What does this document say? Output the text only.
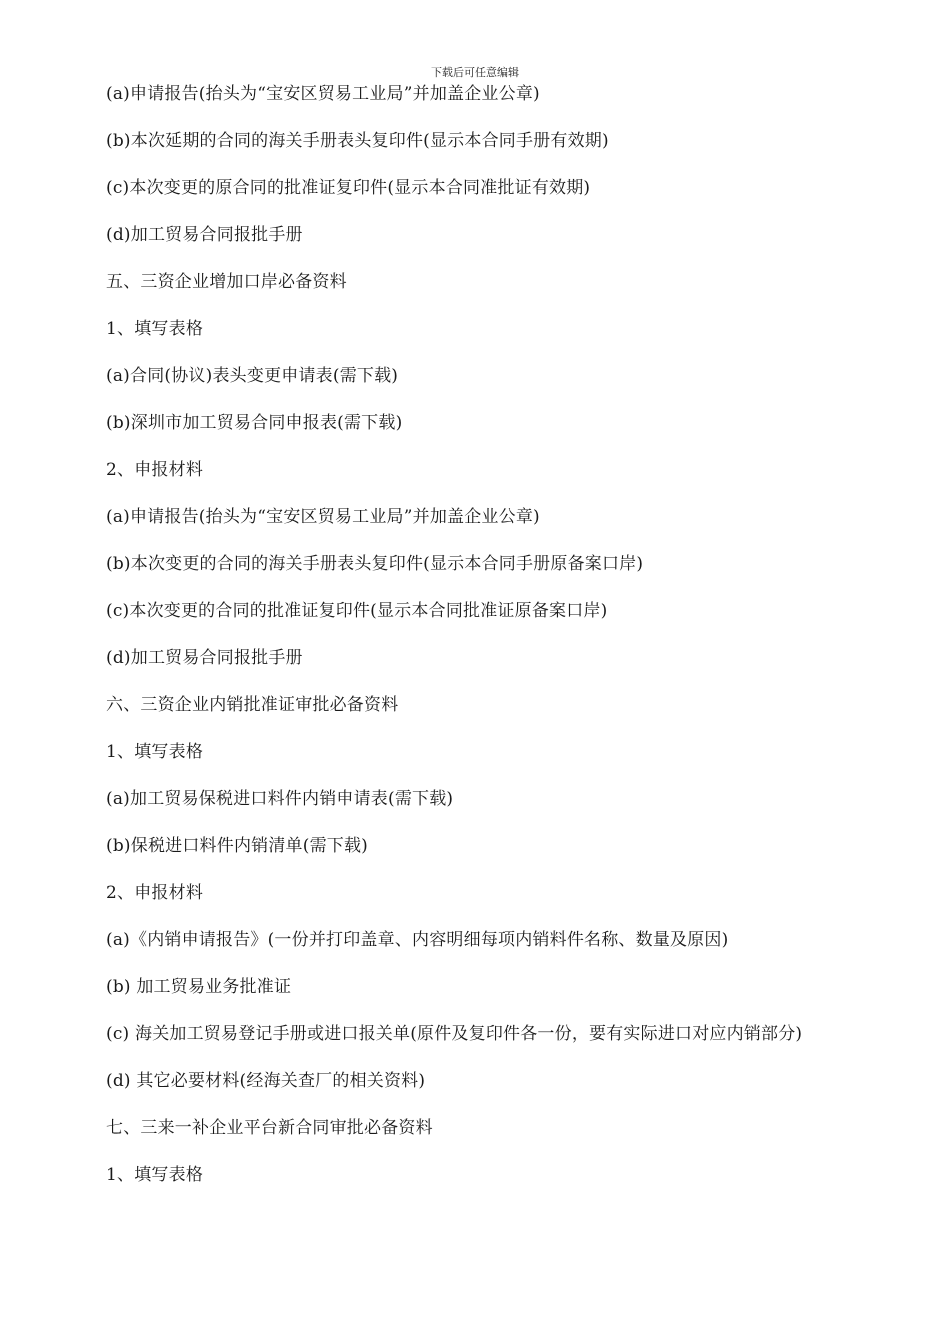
下载后可任意编辑

(a)申请报告(抬头为“宝安区贸易工业局”并加盖企业公章)

(b)本次延期的合同的海关手册表头复印件(显示本合同手册有效期)

(c)本次变更的原合同的批准证复印件(显示本合同准批证有效期)

(d)加工贸易合同报批手册

五、三资企业增加口岸必备资料

1、填写表格

(a)合同(协议)表头变更申请表(需下载)

(b)深圳市加工贸易合同申报表(需下载)

2、申报材料

(a)申请报告(抬头为“宝安区贸易工业局”并加盖企业公章)

(b)本次变更的合同的海关手册表头复印件(显示本合同手册原备案口岸)

(c)本次变更的合同的批准证复印件(显示本合同批准证原备案口岸)

(d)加工贸易合同报批手册

六、三资企业内销批准证审批必备资料

1、填写表格

(a)加工贸易保税进口料件内销申请表(需下载)

(b)保税进口料件内销清单(需下载)

2、申报材料

(a)《内销申请报告》(一份并打印盖章、内容明细每项内销料件名称、数量及原因)

(b) 加工贸易业务批准证

(c) 海关加工贸易登记手册或进口报关单(原件及复印件各一份，要有实际进口对应内销部分)

(d) 其它必要材料(经海关查厂的相关资料)

七、三来一补企业平台新合同审批必备资料

1、填写表格
